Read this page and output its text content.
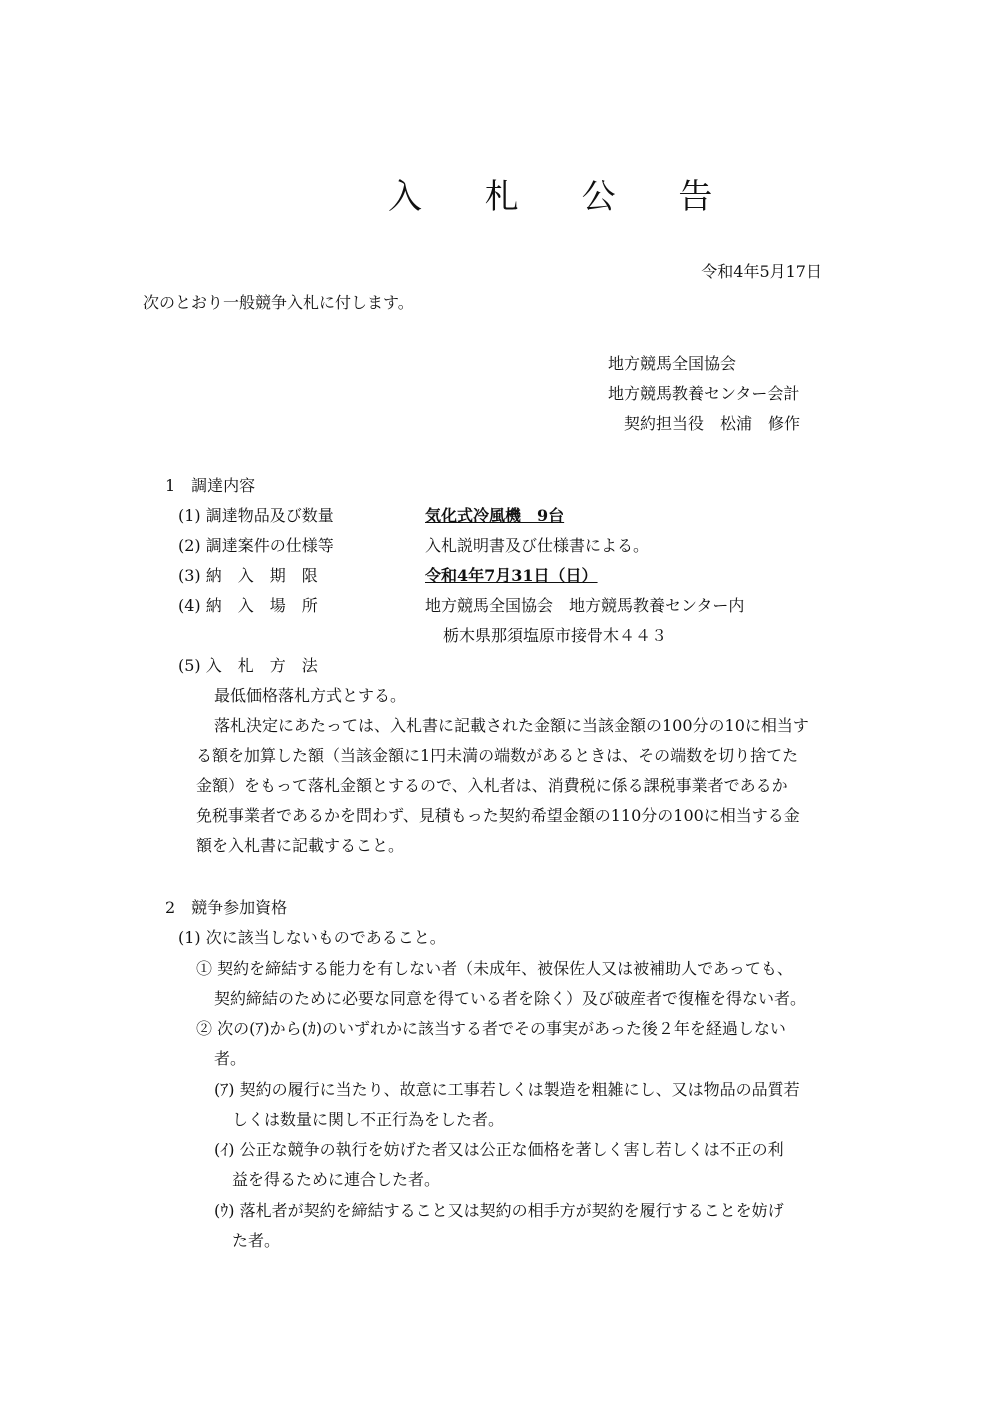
入 札 公 告
令和4年5月17日
次のとおり一般競争入札に付します。
地方競馬全国協会
地方競馬教養センター会計
　契約担当役　松浦　修作
1　調達内容
(1) 調達物品及び数量	気化式冷風機　9台
(2) 調達案件の仕様等	入札説明書及び仕様書による。
(3) 納　入　期　限	令和4年7月31日（日）
(4) 納　入　場　所	地方競馬全国協会　地方競馬教養センター内
栃木県那須塩原市接骨木４４３
(5) 入　札　方　法
最低価格落札方式とする。
落札決定にあたっては、入札書に記載された金額に当該金額の100分の10に相当す
る額を加算した額（当該金額に1円未満の端数があるときは、その端数を切り捨てた
金額）をもって落札金額とするので、入札者は、消費税に係る課税事業者であるか
免税事業者であるかを問わず、見積もった契約希望金額の110分の100に相当する金
額を入札書に記載すること。
2　競争参加資格
(1) 次に該当しないものであること。
① 契約を締結する能力を有しない者（未成年、被保佐人又は被補助人であっても、
契約締結のために必要な同意を得ている者を除く）及び破産者で復権を得ない者。
② 次の(ｱ)から(ｶ)のいずれかに該当する者でその事実があった後２年を経過しない
者。
(ｱ) 契約の履行に当たり、故意に工事若しくは製造を粗雑にし、又は物品の品質若
しくは数量に関し不正行為をした者。
(ｲ) 公正な競争の執行を妨げた者又は公正な価格を著しく害し若しくは不正の利
益を得るために連合した者。
(ｳ) 落札者が契約を締結すること又は契約の相手方が契約を履行することを妨げ
た者。
